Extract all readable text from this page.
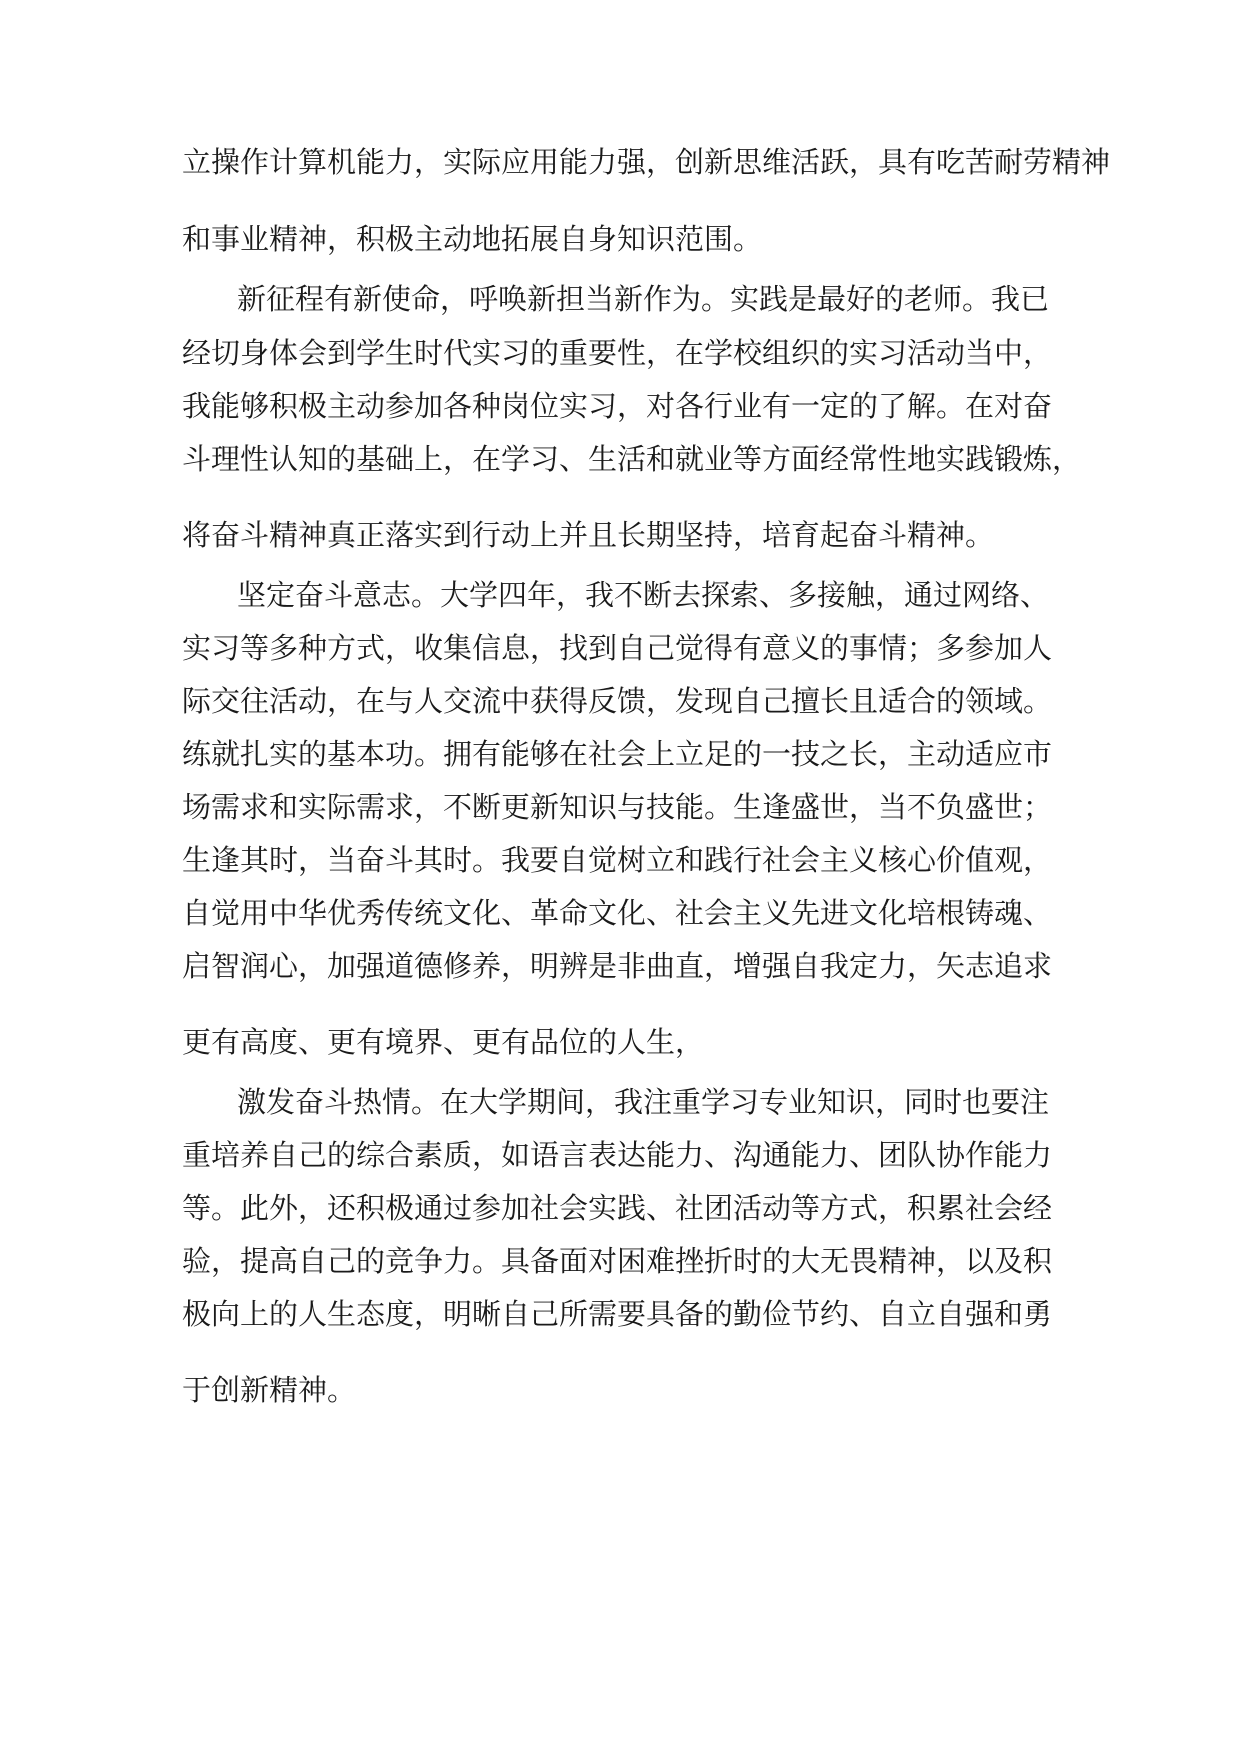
立操作计算机能力，实际应用能力强，创新思维活跃，具有吃苦耐劳精神
和事业精神，积极主动地拓展自身知识范围。
新征程有新使命，呼唤新担当新作为。实践是最好的老师。我已
经切身体会到学生时代实习的重要性，在学校组织的实习活动当中，
我能够积极主动参加各种岗位实习，对各行业有一定的了解。在对奋
斗理性认知的基础上，在学习、生活和就业等方面经常性地实践锻炼，
将奋斗精神真正落实到行动上并且长期坚持，培育起奋斗精神。
坚定奋斗意志。大学四年，我不断去探索、多接触，通过网络、
实习等多种方式，收集信息，找到自己觉得有意义的事情；多参加人
际交往活动，在与人交流中获得反馈，发现自己擅长且适合的领域。
练就扎实的基本功。拥有能够在社会上立足的一技之长，主动适应市
场需求和实际需求，不断更新知识与技能。生逢盛世，当不负盛世；
生逢其时，当奋斗其时。我要自觉树立和践行社会主义核心价值观，
自觉用中华优秀传统文化、革命文化、社会主义先进文化培根铸魂、
启智润心，加强道德修养，明辨是非曲直，增强自我定力，矢志追求
更有高度、更有境界、更有品位的人生，
激发奋斗热情。在大学期间，我注重学习专业知识，同时也要注
重培养自己的综合素质，如语言表达能力、沟通能力、团队协作能力
等。此外，还积极通过参加社会实践、社团活动等方式，积累社会经
验，提高自己的竞争力。具备面对困难挫折时的大无畏精神，以及积
极向上的人生态度，明晰自己所需要具备的勤俭节约、自立自强和勇
于创新精神。
